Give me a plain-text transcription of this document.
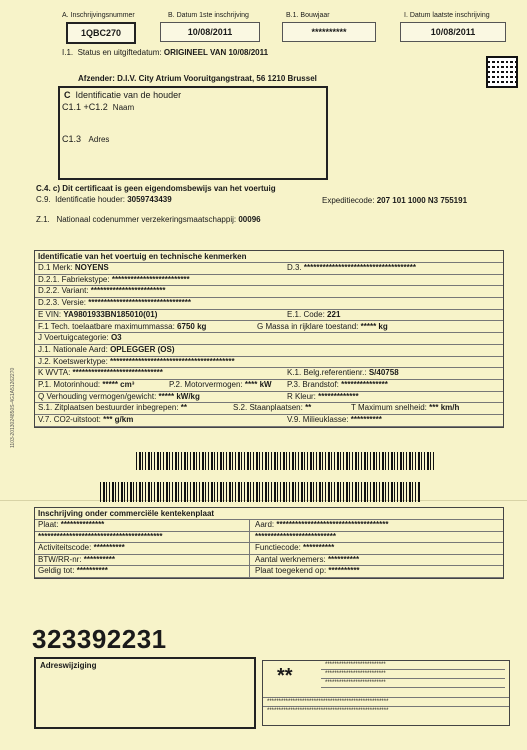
A. Inschrijvingsnummer
1QBC270
B. Datum 1ste inschrijving
10/08/2011
B.1. Bouwjaar
**********
I. Datum laatste inschrijving
10/08/2011
I.1. Status en uitgiftedatum: ORIGINEEL VAN 10/08/2011
Afzender: D.I.V. City Atrium Vooruitgangstraat, 56 1210 Brussel
C Identificatie van de houder
C1.1 +C1.2 Naam
C1.3 Adres
C.4. c) Dit certificaat is geen eigendomsbewijs van het voertuig
C.9. Identificatie houder: 3059743439	Expeditiecode: 207 101 1000 N3 755191
Z.1. Nationaal codenummer verzekeringsmaatschappij: 00096
1103-2013024850S-4G1A51262270
Identificatie van het voertuig en technische kenmerken
D.1 Merk: NOYENS	D.3. ************************************
D.2.1. Fabriekstype: *************************
D.2.2. Variant: ************************
D.2.3. Versie: *********************************
E VIN: YA9801933BN185010(01)	E.1. Code: 221
F.1 Tech. toelaatbare maximummassa: 6750 kg	G Massa in rijklare toestand: ***** kg
J Voertuigcategorie: O3
J.1. Nationale Aard: OPLEGGER (OS)
J.2. Koetswerktype: ****************************************
K WVTA: *****************************	K.1. Belg.referentienr.: S/40758
P.1. Motorinhoud: ***** cm³	P.2. Motorvermogen: **** kW P.3. Brandstof: ***************
Q Verhouding vermogen/gewicht: ***** kW/kg	R Kleur: *************
S.1. Zitplaatsen bestuurder inbegrepen: **	S.2. Staanplaatsen: **	T Maximum snelheid: *** km/h
V.7. CO2-uitstoot: *** g/km	V.9. Milieuklasse: **********
Inschrijving onder commerciële kentekenplaat
Plaat: **************	Aard: ************************************
****************************************	**************************
Activiteitscode: **********	Functiecode: **********
BTW/RR-nr: **********	Aantal werknemers: **********
Geldig tot: **********	Plaat toegekend op: **********
323392231
Adreswijziging	**	**************************
**************************
**************************
****************************************************
****************************************************
